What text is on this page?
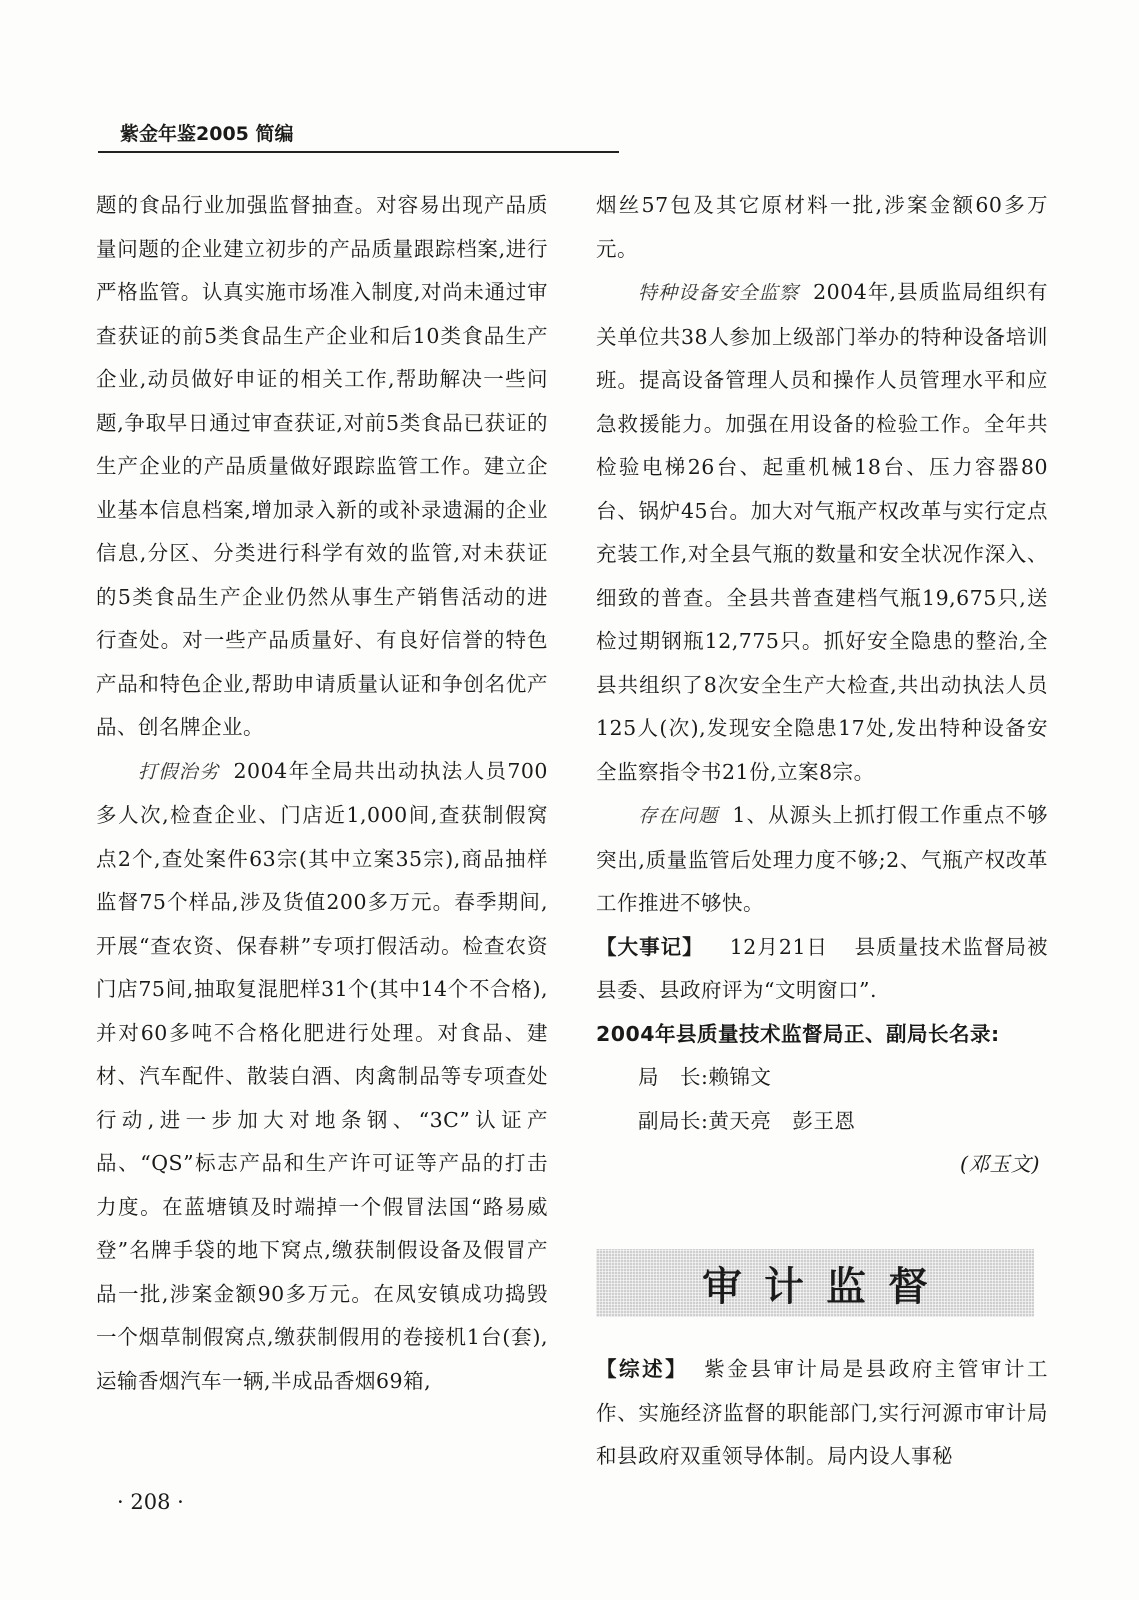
紫金年鉴2005 简编

题的食品行业加强监督抽查。对容易出现产品质量问题的企业建立初步的产品质量跟踪档案,进行严格监管。认真实施市场准入制度,对尚未通过审查获证的前5类食品生产企业和后10类食品生产企业,动员做好申证的相关工作,帮助解决一些问题,争取早日通过审查获证,对前5类食品已获证的生产企业的产品质量做好跟踪监管工作。建立企业基本信息档案,增加录入新的或补录遗漏的企业信息,分区、分类进行科学有效的监管,对未获证的5类食品生产企业仍然从事生产销售活动的进行查处。对一些产品质量好、有良好信誉的特色产品和特色企业,帮助申请质量认证和争创名优产品、创名牌企业。

打假治劣 2004年全局共出动执法人员700多人次,检查企业、门店近1,000间,查获制假窝点2个,查处案件63宗(其中立案35宗),商品抽样监督75个样品,涉及货值200多万元。春季期间,开展“查农资、保春耕”专项打假活动。检查农资门店75间,抽取复混肥样31个(其中14个不合格),并对60多吨不合格化肥进行处理。对食品、建材、汽车配件、散装白酒、肉禽制品等专项查处行动,进一步加大对地条钢、“3C”认证产品、“QS”标志产品和生产许可证等产品的打击力度。在蓝塘镇及时端掉一个假冒法国“路易威登”名牌手袋的地下窝点,缴获制假设备及假冒产品一批,涉案金额90多万元。在凤安镇成功捣毁一个烟草制假窝点,缴获制假用的卷接机1台(套),运输香烟汽车一辆,半成品香烟69箱,

烟丝57包及其它原材料一批,涉案金额60多万元。

特种设备安全监察 2004年,县质监局组织有关单位共38人参加上级部门举办的特种设备培训班。提高设备管理人员和操作人员管理水平和应急救援能力。加强在用设备的检验工作。全年共检验电梯26台、起重机械18台、压力容器80台、锅炉45台。加大对气瓶产权改革与实行定点充装工作,对全县气瓶的数量和安全状况作深入、细致的普查。全县共普查建档气瓶19,675只,送检过期钢瓶12,775只。抓好安全隐患的整治,全县共组织了8次安全生产大检查,共出动执法人员125人(次),发现安全隐患17处,发出特种设备安全监察指令书21份,立案8宗。

存在问题 1、从源头上抓打假工作重点不够突出,质量监管后处理力度不够;2、气瓶产权改革工作推进不够快。

【大事记】 12月21日 县质量技术监督局被县委、县政府评为“文明窗口”.

2004年县质量技术监督局正、副局长名录:

局　长:赖锦文

副局长:黄天亮　彭王恩

(邓玉文)

审计监督

【综述】 紫金县审计局是县政府主管审计工作、实施经济监督的职能部门,实行河源市审计局和县政府双重领导体制。局内设人事秘

· 208 ·
